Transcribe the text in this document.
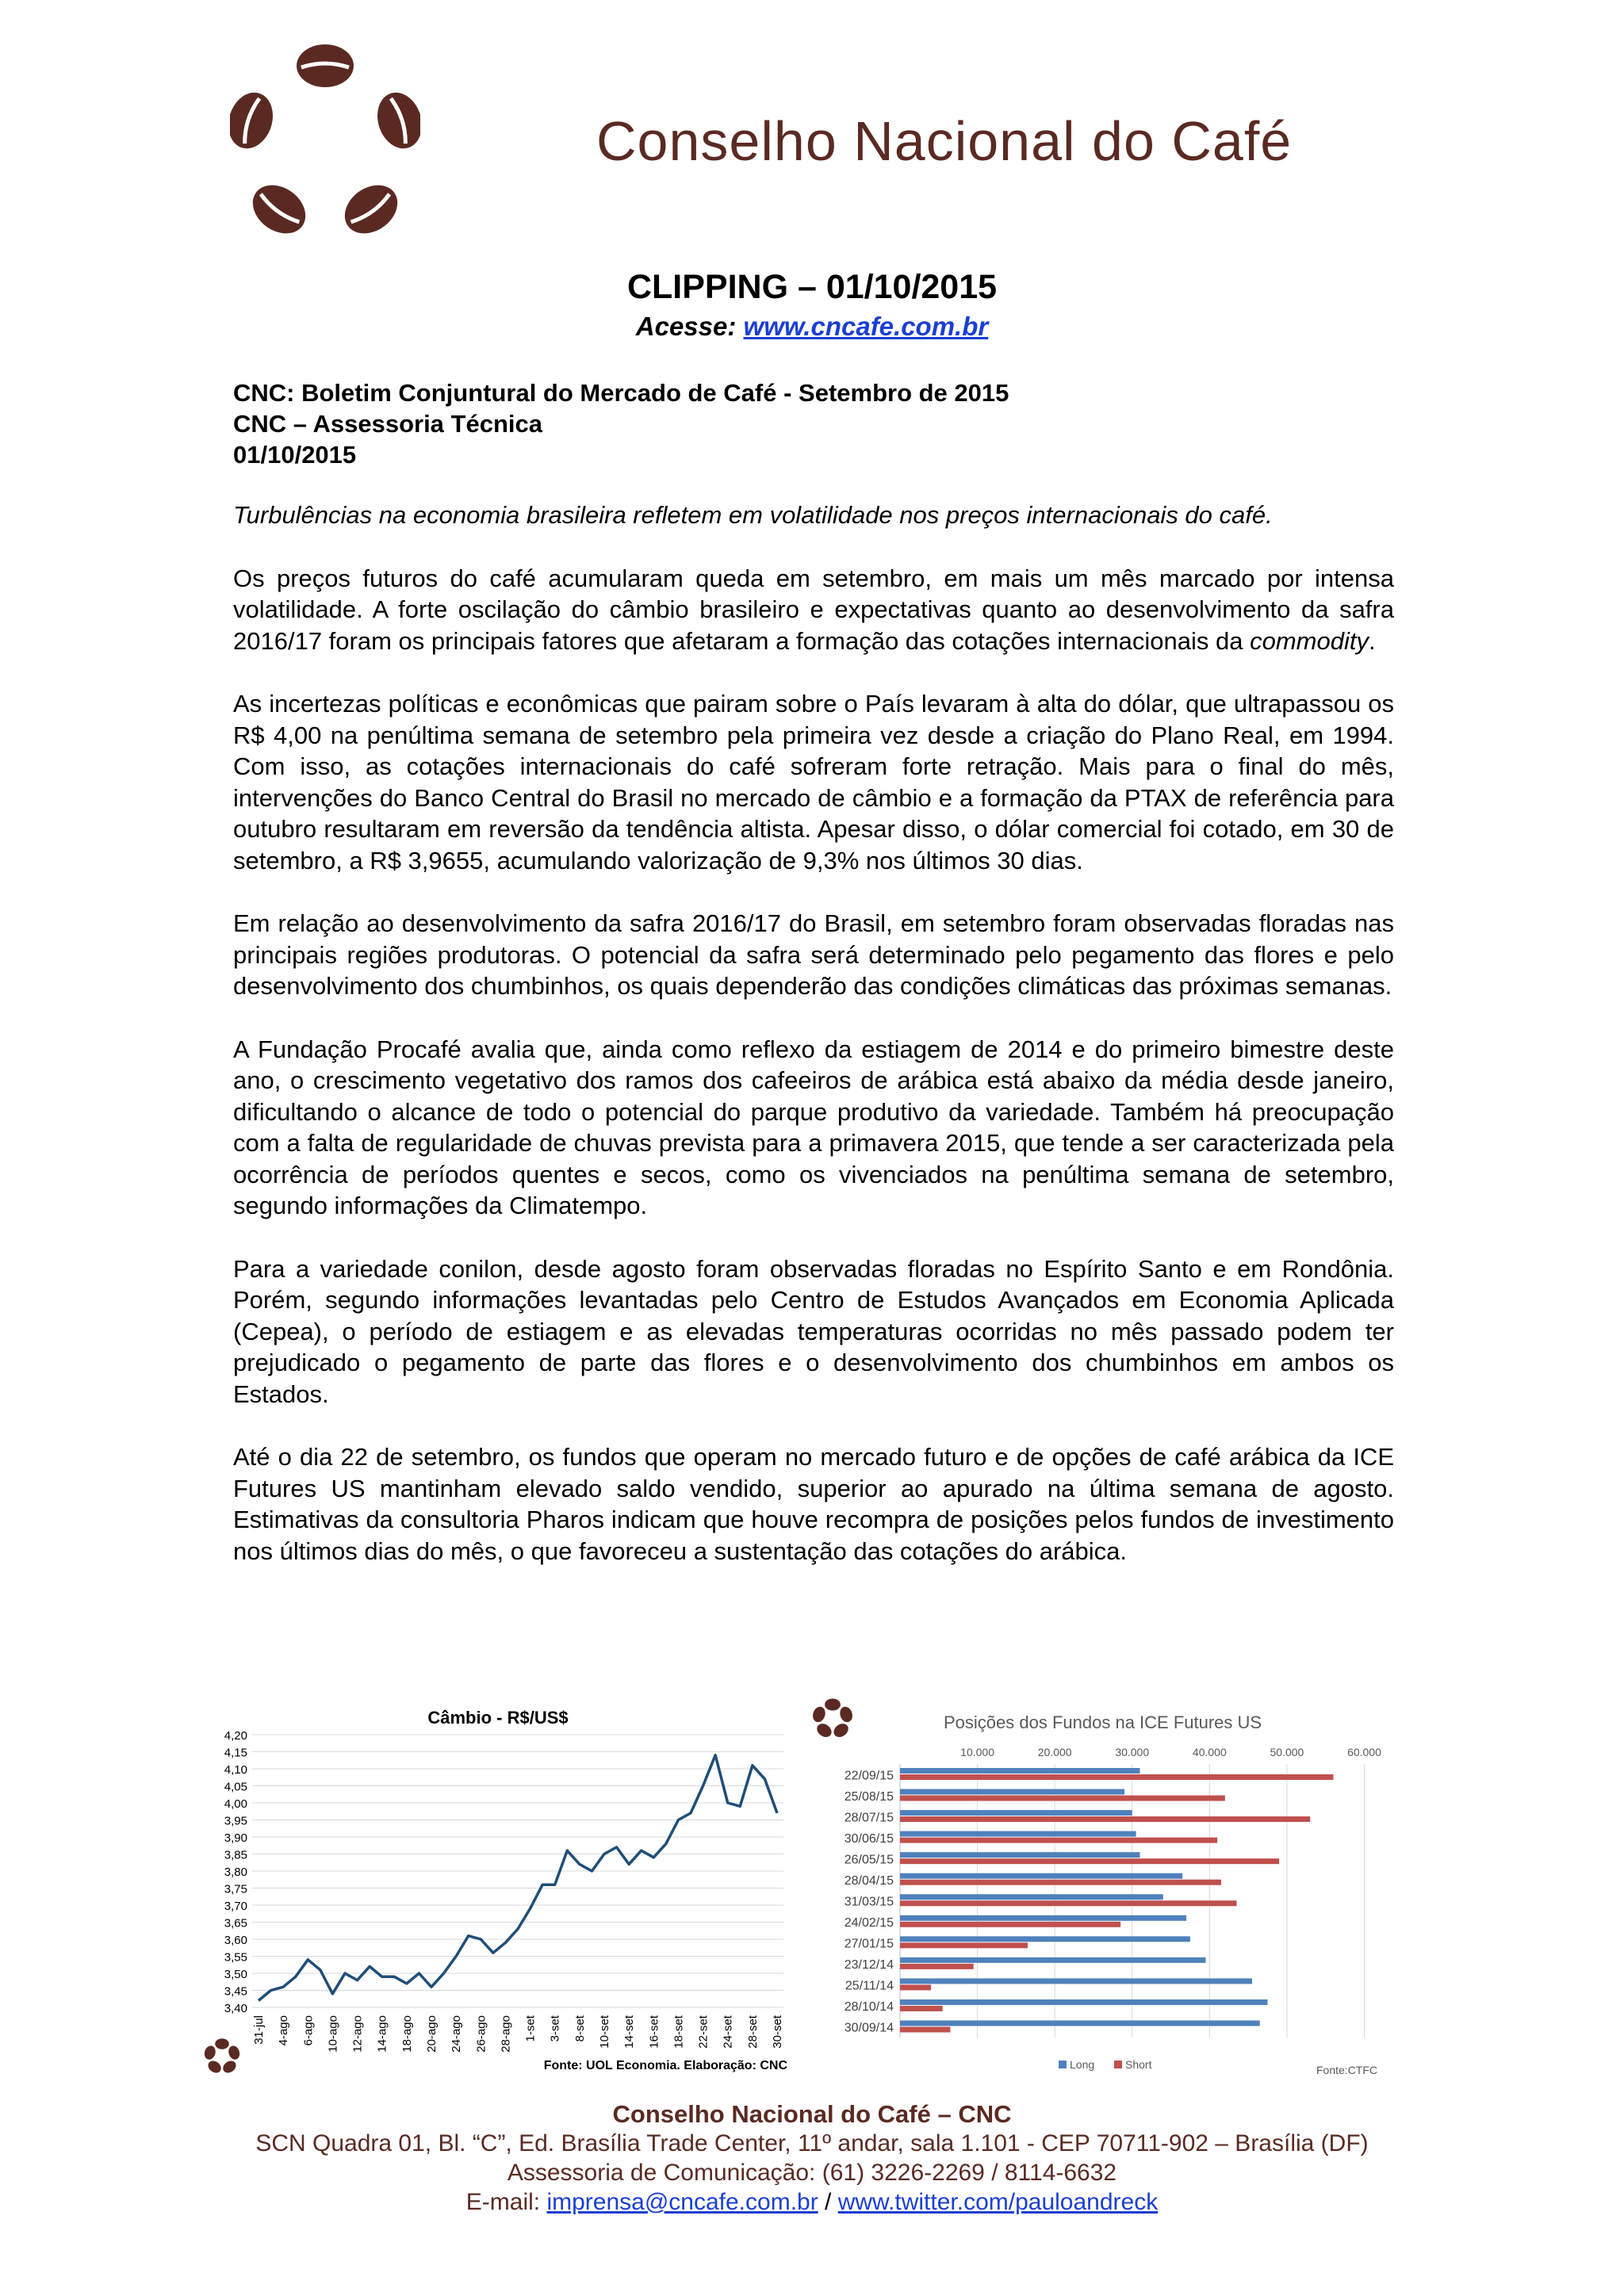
Conselho Nacional do Café
CLIPPING – 01/10/2015
Acesse: www.cncafe.com.br
CNC: Boletim Conjuntural do Mercado de Café - Setembro de 2015
CNC – Assessoria Técnica
01/10/2015

Turbulências na economia brasileira refletem em volatilidade nos preços internacionais do café.

Os preços futuros do café acumularam queda em setembro, em mais um mês marcado por intensa volatilidade. A forte oscilação do câmbio brasileiro e expectativas quanto ao desenvolvimento da safra 2016/17 foram os principais fatores que afetaram a formação das cotações internacionais da commodity.

As incertezas políticas e econômicas que pairam sobre o País levaram à alta do dólar, que ultrapassou os R$ 4,00 na penúltima semana de setembro pela primeira vez desde a criação do Plano Real, em 1994. Com isso, as cotações internacionais do café sofreram forte retração. Mais para o final do mês, intervenções do Banco Central do Brasil no mercado de câmbio e a formação da PTAX de referência para outubro resultaram em reversão da tendência altista. Apesar disso, o dólar comercial foi cotado, em 30 de setembro, a R$ 3,9655, acumulando valorização de 9,3% nos últimos 30 dias.

Em relação ao desenvolvimento da safra 2016/17 do Brasil, em setembro foram observadas floradas nas principais regiões produtoras. O potencial da safra será determinado pelo pegamento das flores e pelo desenvolvimento dos chumbinhos, os quais dependerão das condições climáticas das próximas semanas.

A Fundação Procafé avalia que, ainda como reflexo da estiagem de 2014 e do primeiro bimestre deste ano, o crescimento vegetativo dos ramos dos cafeeiros de arábica está abaixo da média desde janeiro, dificultando o alcance de todo o potencial do parque produtivo da variedade. Também há preocupação com a falta de regularidade de chuvas prevista para a primavera 2015, que tende a ser caracterizada pela ocorrência de períodos quentes e secos, como os vivenciados na penúltima semana de setembro, segundo informações da Climatempo.

Para a variedade conilon, desde agosto foram observadas floradas no Espírito Santo e em Rondônia. Porém, segundo informações levantadas pelo Centro de Estudos Avançados em Economia Aplicada (Cepea), o período de estiagem e as elevadas temperaturas ocorridas no mês passado podem ter prejudicado o pegamento de parte das flores e o desenvolvimento dos chumbinhos em ambos os Estados.

Até o dia 22 de setembro, os fundos que operam no mercado futuro e de opções de café arábica da ICE Futures US mantinham elevado saldo vendido, superior ao apurado na última semana de agosto. Estimativas da consultoria Pharos indicam que houve recompra de posições pelos fundos de investimento nos últimos dias do mês, o que favoreceu a sustentação das cotações do arábica.

Câmbio - R$/US$
4,20
4,15
4,10
4,05
4,00
3,95
3,90
3,85
3,80
3,75
3,70
3,65
3,60
3,55
3,50
3,45
3,40
31-jul 4-ago 6-ago 10-ago 12-ago 14-ago 18-ago 20-ago 24-ago 26-ago 28-ago 1-set 3-set 8-set 10-set 14-set 16-set 18-set 22-set 24-set 28-set 30-set
Fonte: UOL Economia. Elaboração: CNC
Posições dos Fundos na ICE Futures US
10.000	20.000	30.000	40.000	50.000	60.000
22/09/15
25/08/15
28/07/15
30/06/15
26/05/15
28/04/15
31/03/15
24/02/15
27/01/15
23/12/14
25/11/14
28/10/14
30/09/14
Long	Short	Fonte:CTFC
Conselho Nacional do Café – CNC
SCN Quadra 01, Bl. “C”, Ed. Brasília Trade Center, 11º andar, sala 1.101 - CEP 70711-902 – Brasília (DF)
Assessoria de Comunicação: (61) 3226-2269 / 8114-6632
E-mail: imprensa@cncafe.com.br / www.twitter.com/pauloandreck
